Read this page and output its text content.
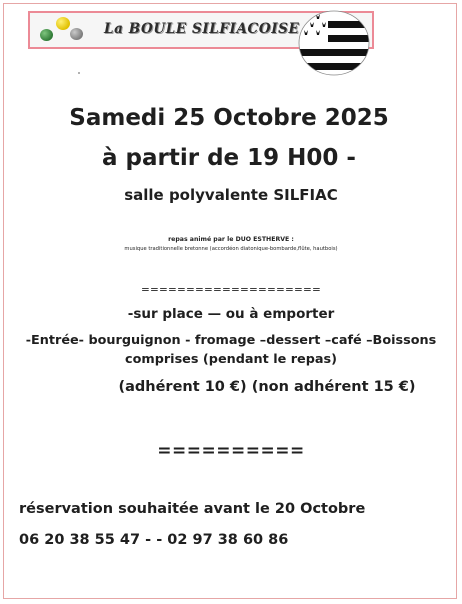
La BOULE SILFIACOISE
Samedi 25 Octobre 2025
à partir de 19 H00 -
salle polyvalente SILFIAC
repas animé par le DUO ESTHERVE :
musique traditionnelle bretonne (accordéon diatonique-bombarde,flûte, hautbois)
====================
-sur place — ou à emporter
-Entrée- bourguignon - fromage –dessert –café –Boissons
comprises (pendant le repas)
(adhérent 10 €) (non adhérent 15 €)
==========
réservation souhaitée avant le 20 Octobre
06 20 38 55 47 - - 02 97 38 60 86
